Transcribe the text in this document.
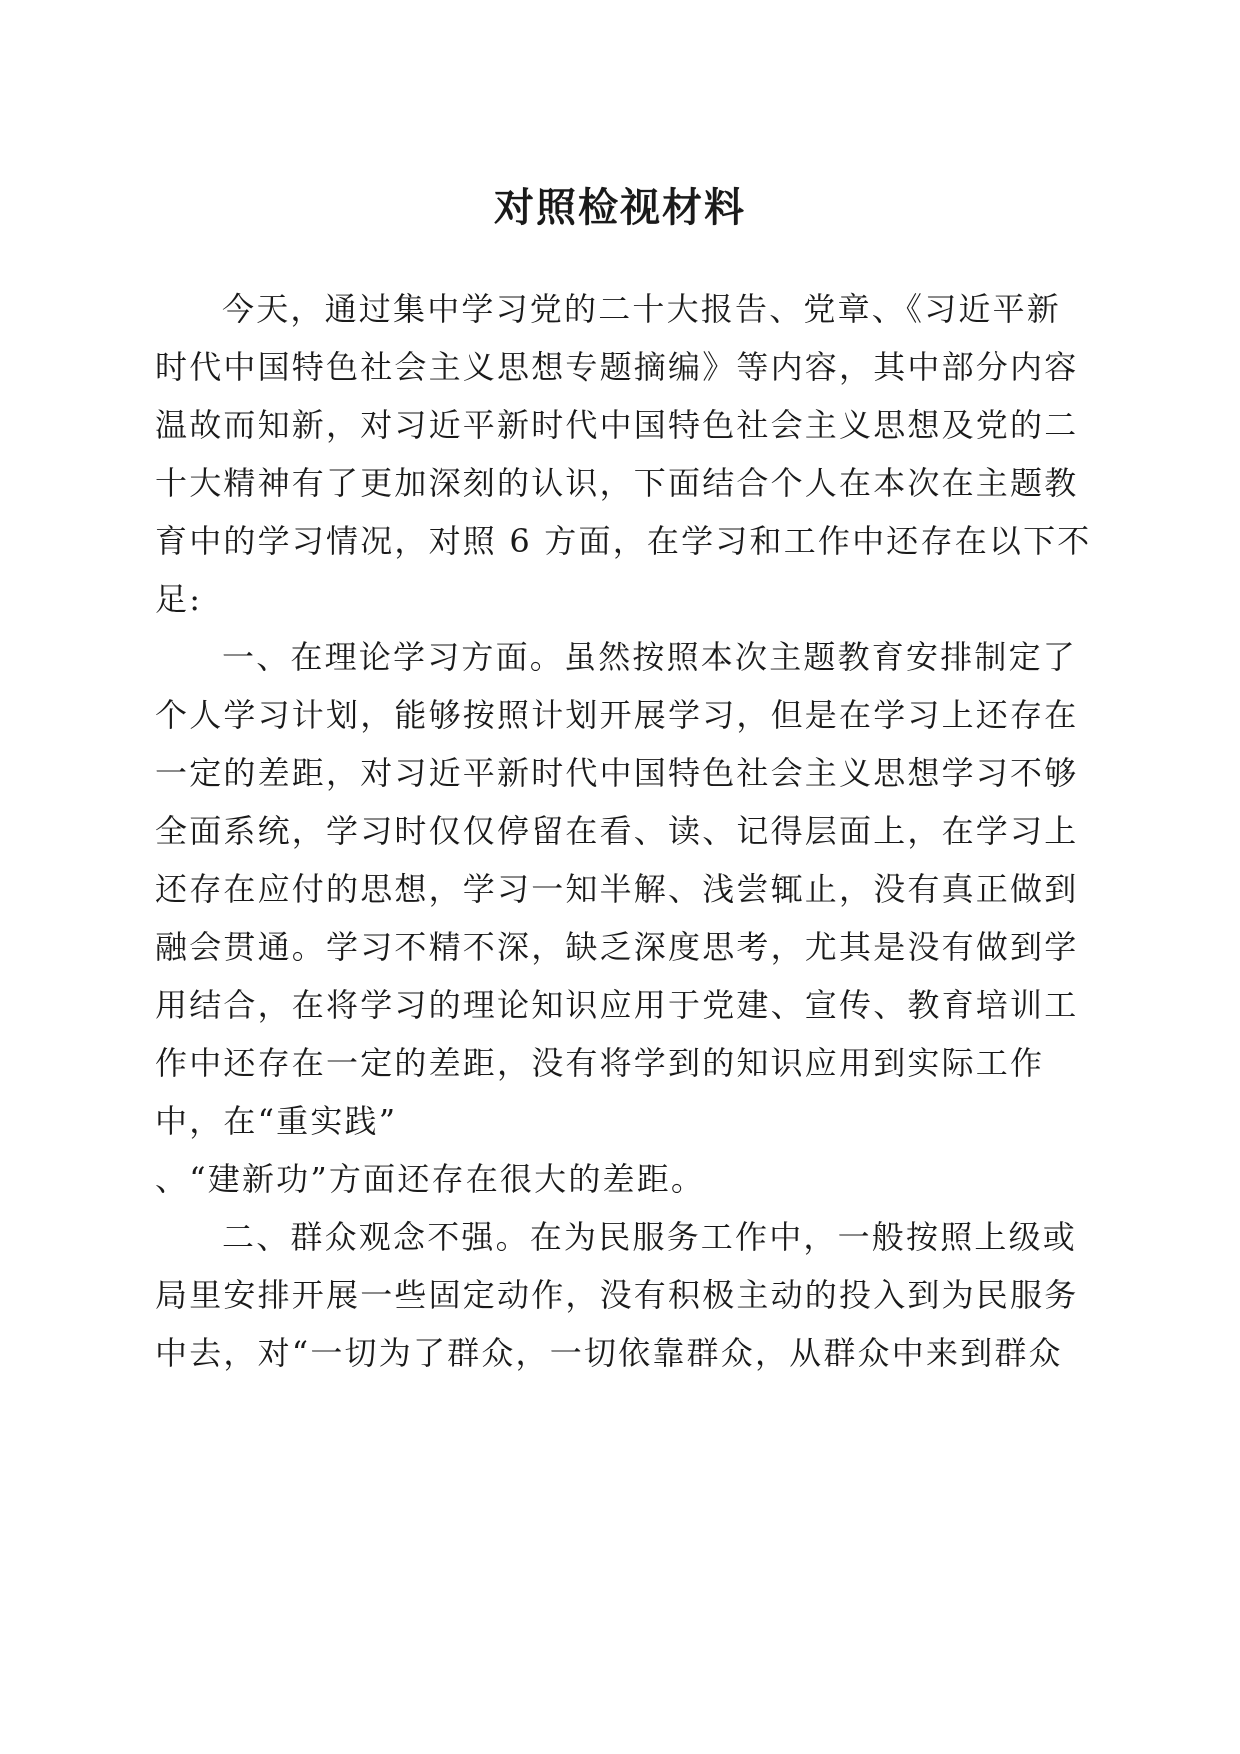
对照检视材料
今天，通过集中学习党的二十大报告、党章、《习近平新
时代中国特色社会主义思想专题摘编》等内容，其中部分内容
温故而知新，对习近平新时代中国特色社会主义思想及党的二
十大精神有了更加深刻的认识，下面结合个人在本次在主题教
育中的学习情况，对照 6 方面，在学习和工作中还存在以下不
足:
一、在理论学习方面。虽然按照本次主题教育安排制定了
个人学习计划，能够按照计划开展学习，但是在学习上还存在
一定的差距，对习近平新时代中国特色社会主义思想学习不够
全面系统，学习时仅仅停留在看、读、记得层面上，在学习上
还存在应付的思想，学习一知半解、浅尝辄止，没有真正做到
融会贯通。学习不精不深，缺乏深度思考，尤其是没有做到学
用结合，在将学习的理论知识应用于党建、宣传、教育培训工
作中还存在一定的差距，没有将学到的知识应用到实际工作
中，在“重实践”
、“建新功”方面还存在很大的差距。
二、群众观念不强。在为民服务工作中，一般按照上级或
局里安排开展一些固定动作，没有积极主动的投入到为民服务
中去，对“一切为了群众，一切依靠群众，从群众中来到群众
